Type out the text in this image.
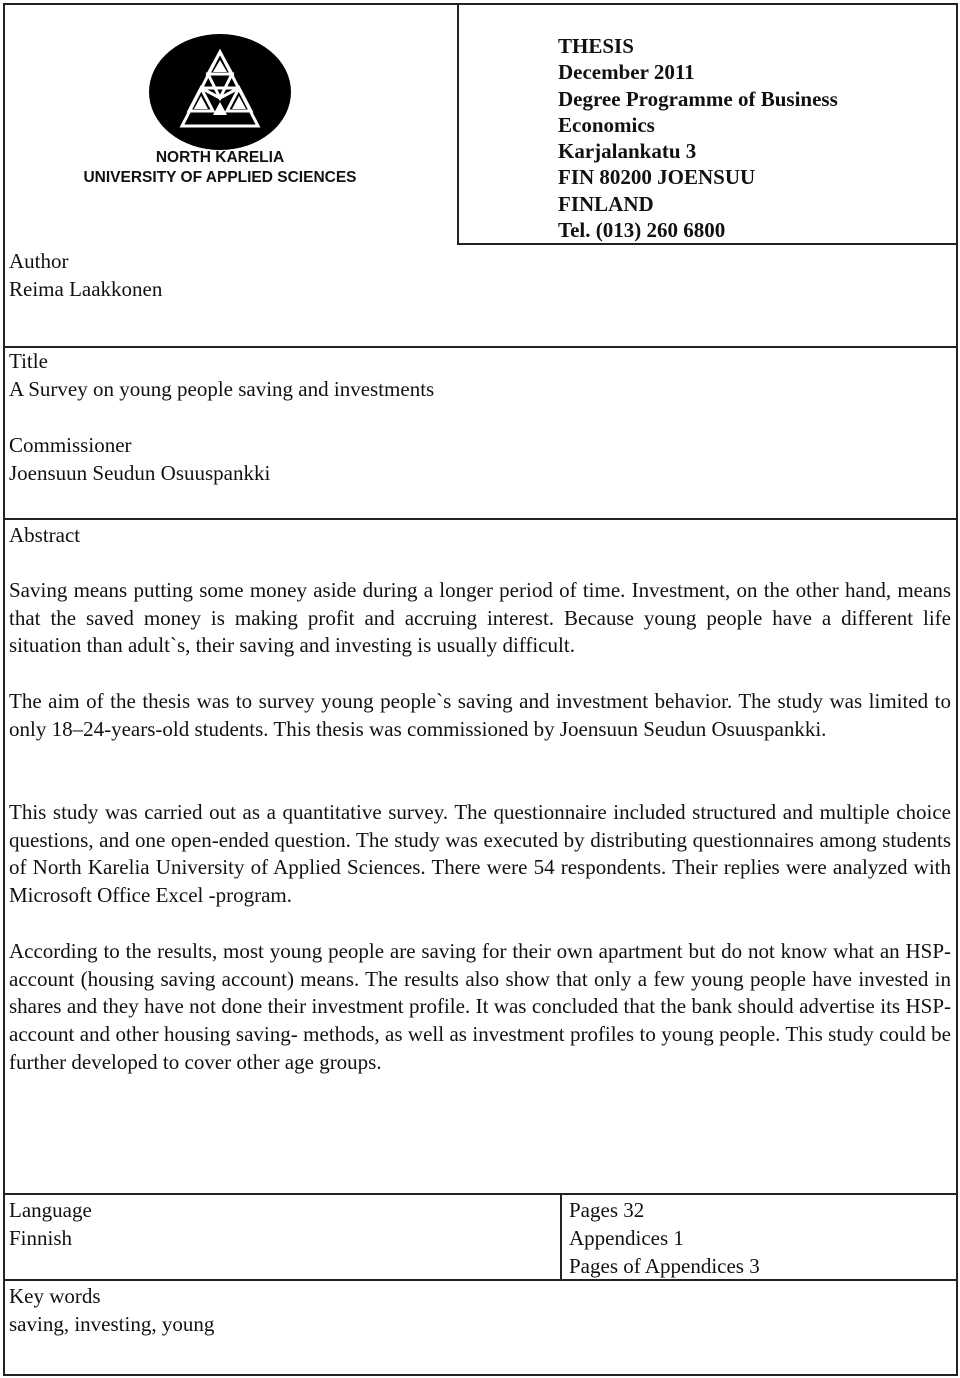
NORTH KARELIA
UNIVERSITY OF APPLIED SCIENCES
THESIS
December 2011
Degree Programme of Business
Economics
Karjalankatu 3
FIN 80200 JOENSUU
FINLAND
Tel. (013) 260 6800

Author

Reima Laakkonen

Title

A Survey on young people saving and investments

Commissioner

Joensuun Seudun Osuuspankki

Abstract

Saving means putting some money aside during a longer period of time. Investment, on the other hand, means that the saved money is making profit and accruing interest. Because young people have a different life situation than adult`s, their saving and investing is usually difficult.

The aim of the thesis was to survey young people`s saving and investment behavior. The study was limited to only 18–24-years-old students. This thesis was commissioned by Joensuun Seudun Osuuspankki.

This study was carried out as a quantitative survey. The questionnaire included structured and multiple choice questions, and one open-ended question. The study was executed by distributing questionnaires among students of North Karelia University of Applied Sciences. There were 54 respondents. Their replies were analyzed with Microsoft Office Excel -program.

According to the results, most young people are saving for their own apartment but do not know what an HSP-account (housing saving account) means. The results also show that only a few young people have invested in shares and they have not done their investment profile. It was concluded that the bank should advertise its HSP-account and other housing saving- methods, as well as investment profiles to young people. This study could be further developed to cover other age groups.

Language

Finnish

Pages 32

Appendices 1

Pages of Appendices 3

Key words

saving, investing, young
